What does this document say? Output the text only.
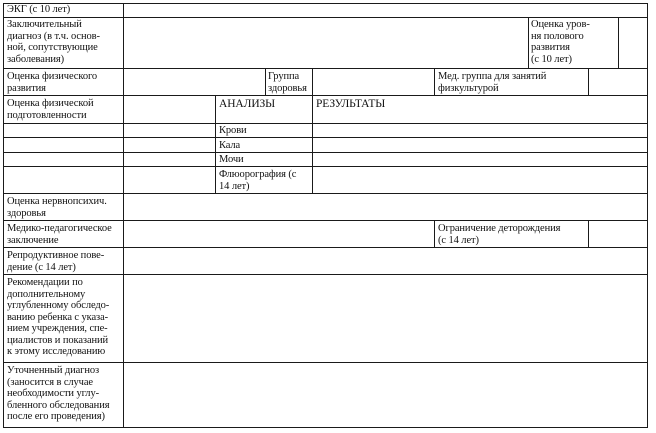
ЭКГ (с 10 лет)
Заключительный
диагноз (в т.ч. основ-
ной, сопутствующие
заболевания)
Оценка уров-
ня полового
развития
(с 10 лет)
Оценка физического
развития
Группа
здоровья
Мед. группа для занятий
физкультурой
Оценка физической
подготовленности
АНАЛИЗЫ	РЕЗУЛЬТАТЫ
Крови
Кала
Мочи
Флюорография (с
14 лет)
Оценка нервнопсихич.
здоровья
Медико-педагогическое
заключение
Ограничение деторождения
(с 14 лет)
Репродуктивное пове-
дение (с 14 лет)
Рекомендации по
дополнительному
углубленному обследо-
ванию ребенка с указа-
нием учреждения, спе-
циалистов и показаний
к этому исследованию
Уточненный диагноз
(заносится в случае
необходимости углу-
бленного обследования
после его проведения)
